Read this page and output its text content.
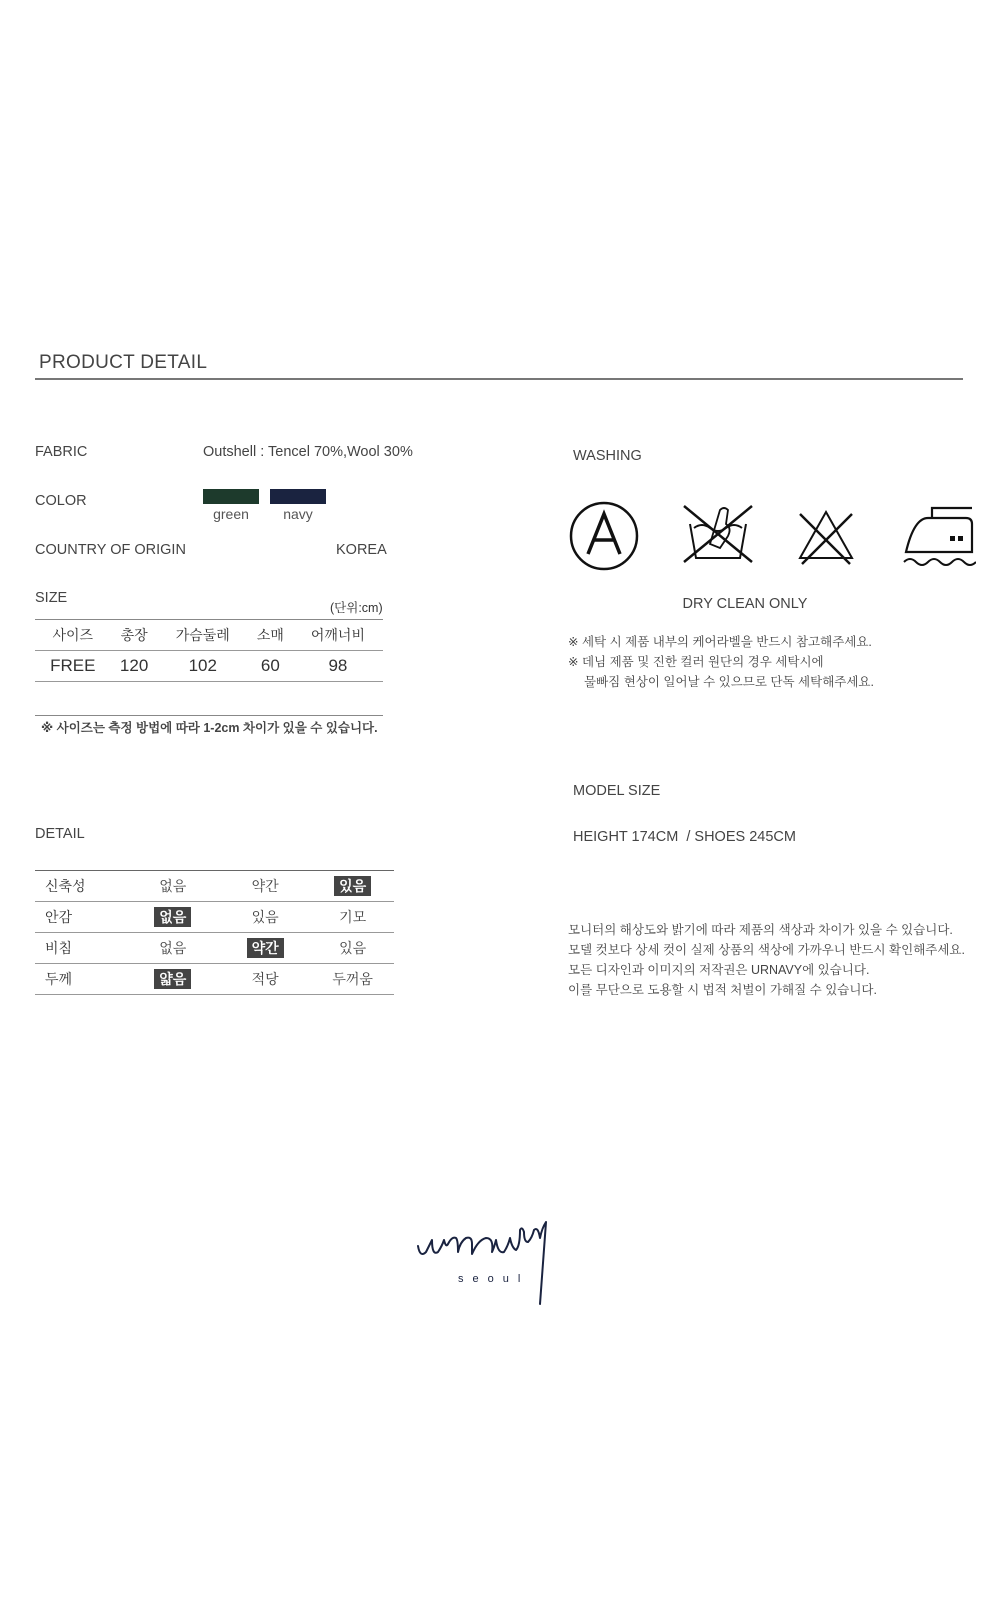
PRODUCT DETAIL
FABRIC	Outshell : Tencel 70%,Wool 30%
COLOR
green	navy
COUNTRY OF ORIGIN	KOREA
SIZE
(단위:cm)
사이즈	총장	가슴둘레	소매	어깨너비
FREE	120	102	60	98
※ 사이즈는 측정 방법에 따라 1-2cm 차이가 있을 수 있습니다.
DETAIL
신축성	없음	약간	있음
안감	없음	있음	기모
비침	없음	약간	있음
두께	얇음	적당	두꺼움
WASHING
DRY CLEAN ONLY
※ 세탁 시 제품 내부의 케어라벨을 반드시 참고해주세요.
※ 데님 제품 및 진한 컬러 원단의 경우 세탁시에
물빠짐 현상이 일어날 수 있으므로 단독 세탁해주세요.
MODEL SIZE
HEIGHT 174CM  / SHOES 245CM
모니터의 해상도와 밝기에 따라 제품의 색상과 차이가 있을 수 있습니다.
모델 컷보다 상세 컷이 실제 상품의 색상에 가까우니 반드시 확인해주세요.
모든 디자인과 이미지의 저작권은 URNAVY에 있습니다.
이를 무단으로 도용할 시 법적 처벌이 가해질 수 있습니다.
seoul
